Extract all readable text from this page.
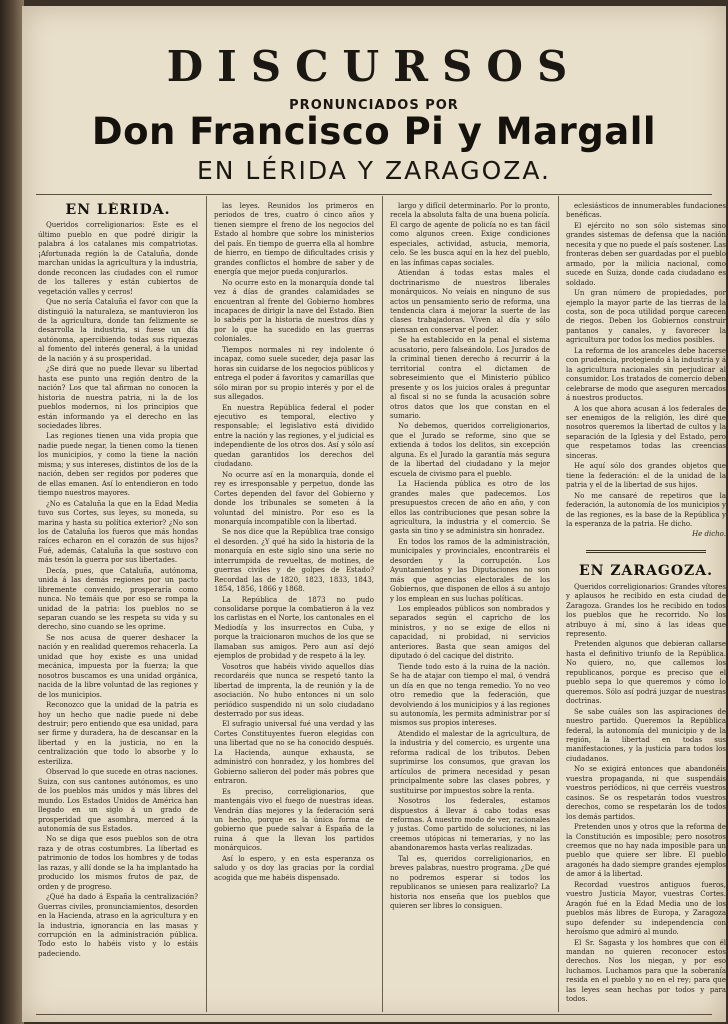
DISCURSOS
PRONUNCIADOS POR
Don Francisco Pi y Margall
EN LÉRIDA Y ZARAGOZA.
EN LÉRIDA.

Queridos correligionarios: Este es el último pueblo en que podré dirigir la palabra á los catalanes mis compatriotas. ¡Afortunada región la de Cataluña, donde marchan unidas la agricultura y la industria, donde reconcen las ciudades con el rumor de los talleres y están cubiertos de vegetación valles y cerros!

Que no sería Cataluña el favor con que la distinguió la naturaleza, se mantuvieron los de la agricultura, donde tan felizmente se desarrolla la industria, si fuese un día autónoma, apercibiendo todas sus riquezas al fomento del interés general, á la unidad de la nación y á su prosperidad.

¿Se dirá que no puede llevar su libertad hasta ese punto una región dentro de la nación? Los que tal afirman no conocen la historia de nuestra patria, ni la de los pueblos modernos, ni los principios que están informando ya el derecho en las sociedades libres.

Las regiones tienen una vida propia que nadie puede negar, la tienen como la tienen los municipios, y como la tiene la nación misma; y sus intereses, distintos de los de la nación, deben ser regidos por poderes que de ellas emanen. Así lo entendieron en todo tiempo nuestros mayores.

¿No es Cataluña la que en la Edad Media tuvo sus Cortes, sus leyes, su moneda, su marina y hasta su política exterior? ¿No son los de Cataluña los fueros que más hondas raíces echaron en el corazón de sus hijos? Fué, además, Cataluña la que sostuvo con más tesón la guerra por sus libertades.

Decía, pues, que Cataluña, autónoma, unida á las demás regiones por un pacto libremente convenido, prosperaría como nunca. No temáis que por eso se rompa la unidad de la patria: los pueblos no se separan cuando se les respeta su vida y su derecho, sino cuando se les oprime.

Se nos acusa de querer deshacer la nación y en realidad queremos rehacerla. La unidad que hoy existe es una unidad mecánica, impuesta por la fuerza; la que nosotros buscamos es una unidad orgánica, nacida de la libre voluntad de las regiones y de los municipios.

Reconozco que la unidad de la patria es hoy un hecho que nadie puede ni debe destruir; pero entiendo que esa unidad, para ser firme y duradera, ha de descansar en la libertad y en la justicia, no en la centralización que todo lo absorbe y lo esteriliza.

Observad lo que sucede en otras naciones. Suiza, con sus cantones autónomos, es uno de los pueblos más unidos y más libres del mundo. Los Estados Unidos de América han llegado en un siglo á un grado de prosperidad que asombra, merced á la autonomía de sus Estados.

No se diga que esos pueblos son de otra raza y de otras costumbres. La libertad es patrimonio de todos los hombres y de todas las razas, y allí donde se la ha implantado ha producido los mismos frutos de paz, de orden y de progreso.

¿Qué ha dado á España la centralización? Guerras civiles, pronunciamientos, desorden en la Hacienda, atraso en la agricultura y en la industria, ignorancia en las masas y corrupción en la administración pública. Todo esto lo habéis visto y lo estáis padeciendo.

las leyes. Reunidos los primeros en periodos de tres, cuatro ó cinco años y tienen siempre el freno de los negocios del Estado al hombre que sobre los ministerios del país. En tiempo de guerra ella al hombre de hierro, en tiempo de dificultades crisis y grandes conflictos el hombre de saber y de energía que mejor pueda conjurarlos.

No ocurre esto en la monarquía donde tal vez á días de grandes calamidades se encuentran al frente del Gobierno hombres incapaces de dirigir la nave del Estado. Bien lo sabéis por la historia de nuestros días y por lo que ha sucedido en las guerras coloniales.

Tiempos normales ni rey indolente ó incapaz, como suele suceder, deja pasar las horas sin cuidarse de los negocios públicos y entrega el poder á favoritos y camarillas que sólo miran por su propio interés y por el de sus allegados.

En nuestra República federal el poder ejecutivo es temporal, electivo y responsable; el legislativo está dividido entre la nación y las regiones, y el judicial es independiente de los otros dos. Así y sólo así quedan garantidos los derechos del ciudadano.

No ocurre así en la monarquía, donde el rey es irresponsable y perpetuo, donde las Cortes dependen del favor del Gobierno y donde los tribunales se someten á la voluntad del ministro. Por eso es la monarquía incompatible con la libertad.

Se nos dice que la República trae consigo el desorden. ¿Y qué ha sido la historia de la monarquía en este siglo sino una serie no interrumpida de revueltas, de motines, de guerras civiles y de golpes de Estado? Recordad las de 1820, 1823, 1833, 1843, 1854, 1856, 1866 y 1868.

La República de 1873 no pudo consolidarse porque la combatieron á la vez los carlistas en el Norte, los cantonales en el Mediodía y los insurrectos en Cuba, y porque la traicionaron muchos de los que se llamaban sus amigos. Pero aun así dejó ejemplos de probidad y de respeto á la ley.

Vosotros que habéis vivido aquellos días recordaréis que nunca se respetó tanto la libertad de imprenta, la de reunión y la de asociación. No hubo entonces ni un solo periódico suspendido ni un solo ciudadano desterrado por sus ideas.

El sufragio universal fué una verdad y las Cortes Constituyentes fueron elegidas con una libertad que no se ha conocido después. La Hacienda, aunque exhausta, se administró con honradez, y los hombres del Gobierno salieron del poder más pobres que entraron.

Es preciso, correligionarios, que mantengáis vivo el fuego de nuestras ideas. Vendrán días mejores y la federación será un hecho, porque es la única forma de gobierno que puede salvar á España de la ruina á que la llevan los partidos monárquicos.

Así lo espero, y en esta esperanza os saludo y os doy las gracias por la cordial acogida que me habéis dispensado.

largo y difícil determinarlo. Por lo pronto, recela la absoluta falta de una buena policía. El cargo de agente de policía no es tan fácil como algunos creen. Exige condiciones especiales, actividad, astucia, memoria, celo. Se les busca aquí en la hez del pueblo, en las ínfimas capas sociales.

Atiendan á todas estas males el doctrinarismo de nuestros liberales monárquicos. No veíais en ninguno de sus actos un pensamiento serio de reforma, una tendencia clara á mejorar la suerte de las clases trabajadoras. Viven al día y sólo piensan en conservar el poder.

Se ha establecido en la penal el sistema acusatorio, pero falseándolo. Los Jurados de la criminal tienen derecho á recurrir á la territorial contra el dictamen de sobreseimiento que el Ministerio público presente y os los juicios orales á preguntar al fiscal si no se funda la acusación sobre otros datos que los que constan en el sumario.

No debemos, queridos correligionarios, que el Jurado se reforme, sino que se extienda á todos los delitos, sin excepción alguna. Es el Jurado la garantía más segura de la libertad del ciudadano y la mejor escuela de civismo para el pueblo.

La Hacienda pública es otro de los grandes males que padecemos. Los presupuestos crecen de año en año, y con ellos las contribuciones que pesan sobre la agricultura, la industria y el comercio. Se gasta sin tino y se administra sin honradez.

En todos los ramos de la administración, municipales y provinciales, encontraréis el desorden y la corrupción. Los Ayuntamientos y las Diputaciones no son más que agencias electorales de los Gobiernos, que disponen de ellos á su antojo y los emplean en sus luchas políticas.

Los empleados públicos son nombrados y separados según el capricho de los ministros, y no se exige de ellos ni capacidad, ni probidad, ni servicios anteriores. Basta que sean amigos del diputado ó del cacique del distrito.

Tiende todo esto á la ruina de la nación. Se ha de atajar con tiempo el mal, ó vendrá un día en que no tenga remedio. Yo no veo otro remedio que la federación, que devolviendo á los municipios y á las regiones su autonomía, les permita administrar por sí mismos sus propios intereses.

Atendido el malestar de la agricultura, de la industria y del comercio, es urgente una reforma radical de los tributos. Deben suprimirse los consumos, que gravan los artículos de primera necesidad y pesan principalmente sobre las clases pobres, y sustituirse por impuestos sobre la renta.

Nosotros los federales, estamos dispuestos á llevar á cabo todas esas reformas. A nuestro modo de ver, racionales y justas. Como partido de soluciones, ni las creemos utópicas ni temerarias, y no las abandonaremos hasta verlas realizadas.

Tal es, queridos correligionarios, en breves palabras, nuestro programa. ¿De qué no podremos esperar si todos los republicanos se uniesen para realizarlo? La historia nos enseña que los pueblos que quieren ser libres lo consiguen.

eclesiásticos de innumerables fundaciones benéficas.

El ejército no son sólo sistemas sino grandes sistemas de defensa que la nación necesita y que no puede el país sostener. Las fronteras deben ser guardadas por el pueblo armado, por la milicia nacional, como sucede en Suiza, donde cada ciudadano es soldado.

Un gran número de propiedades, por ejemplo la mayor parte de las tierras de la costa, son de poca utilidad porque carecen de riegos. Deben los Gobiernos construir pantanos y canales, y favorecer la agricultura por todos los medios posibles.

La reforma de los aranceles debe hacerse con prudencia, protegiendo á la industria y á la agricultura nacionales sin perjudicar al consumidor. Los tratados de comercio deben celebrarse de modo que aseguren mercados á nuestros productos.

A los que ahora acusan á los federales de ser enemigos de la religión, les diré que nosotros queremos la libertad de cultos y la separación de la Iglesia y del Estado, pero que respetamos todas las creencias sinceras.

He aquí sólo dos grandes objetos que tiene la federación: el de la unidad de la patria y el de la libertad de sus hijos.

No me cansaré de repetiros que la federación, la autonomía de los municipios y de las regiones, es la base de la República y la esperanza de la patria. He dicho.

He dicho.

EN ZARAGOZA.

Queridos correligionarios: Grandes vítores y aplausos he recibido en esta ciudad de Zaragoza. Grandes los he recibido en todos los pueblos que he recorrido. No los atribuyo á mí, sino á las ideas que represento.

Pretenden algunos que debieran callarse hasta el definitivo triunfo de la República. No quiero, no, que callemos los republicanos, porque es preciso que el pueblo sepa lo que queremos y cómo lo queremos. Sólo así podrá juzgar de nuestras doctrinas.

Se sabe cuáles son las aspiraciones de nuestro partido. Queremos la República federal, la autonomía del municipio y de la región, la libertad en todas sus manifestaciones, y la justicia para todos los ciudadanos.

No se exigirá entonces que abandonéis vuestra propaganda, ni que suspendáis vuestros periódicos, ni que cerréis vuestros casinos. Se os respetarán todos vuestros derechos, como se respetarán los de todos los demás partidos.

Pretenden unos y otros que la reforma de la Constitución es imposible; pero nosotros creemos que no hay nada imposible para un pueblo que quiere ser libre. El pueblo aragonés ha dado siempre grandes ejemplos de amor á la libertad.

Recordad vuestros antiguos fueros, vuestro Justicia Mayor, vuestras Cortes. Aragón fué en la Edad Media uno de los pueblos más libres de Europa, y Zaragoza supo defender su independencia con heroísmo que admiró al mundo.

El Sr. Sagasta y los hombres que con él mandan no quieren reconocer estos derechos. Nos los niegan, y por eso luchamos. Luchamos para que la soberanía resida en el pueblo y no en el rey; para que las leyes sean hechas por todos y para todos.
